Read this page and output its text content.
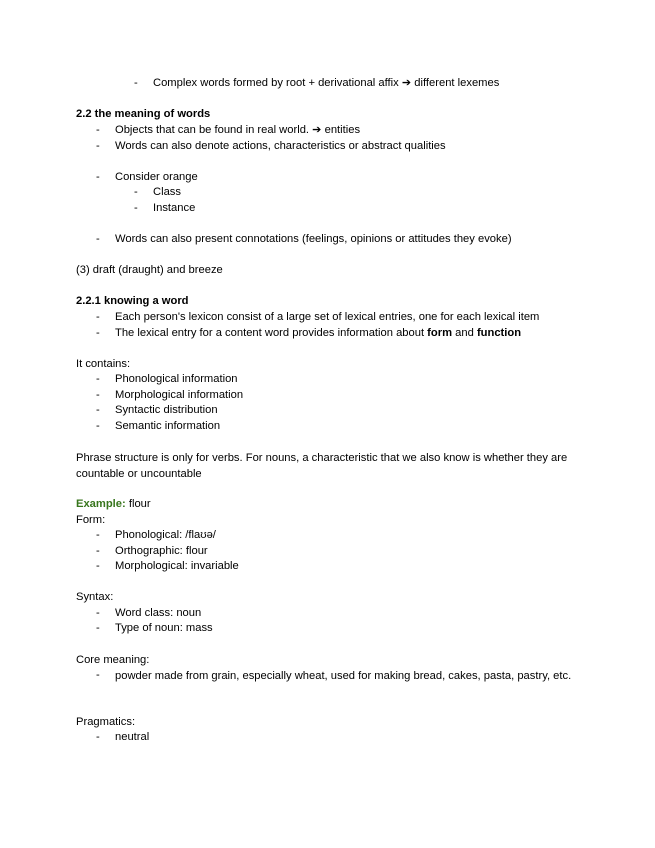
- Complex words formed by root + derivational affix ➔ different lexemes
2.2 the meaning of words
- Objects that can be found in real world. ➔ entities
- Words can also denote actions, characteristics or abstract qualities
- Consider orange
- Class
- Instance
- Words can also present connotations (feelings, opinions or attitudes they evoke)
(3) draft (draught) and breeze
2.2.1 knowing a word
- Each person's lexicon consist of a large set of lexical entries, one for each lexical item
- The lexical entry for a content word provides information about form and function
It contains:
- Phonological information
- Morphological information
- Syntactic distribution
- Semantic information
Phrase structure is only for verbs. For nouns, a characteristic that we also know is whether they are countable or uncountable
Example: flour
Form:
- Phonological: /flaʊə/
- Orthographic: flour
- Morphological: invariable
Syntax:
- Word class: noun
- Type of noun: mass
Core meaning:
- powder made from grain, especially wheat, used for making bread, cakes, pasta, pastry, etc.
Pragmatics:
- neutral
